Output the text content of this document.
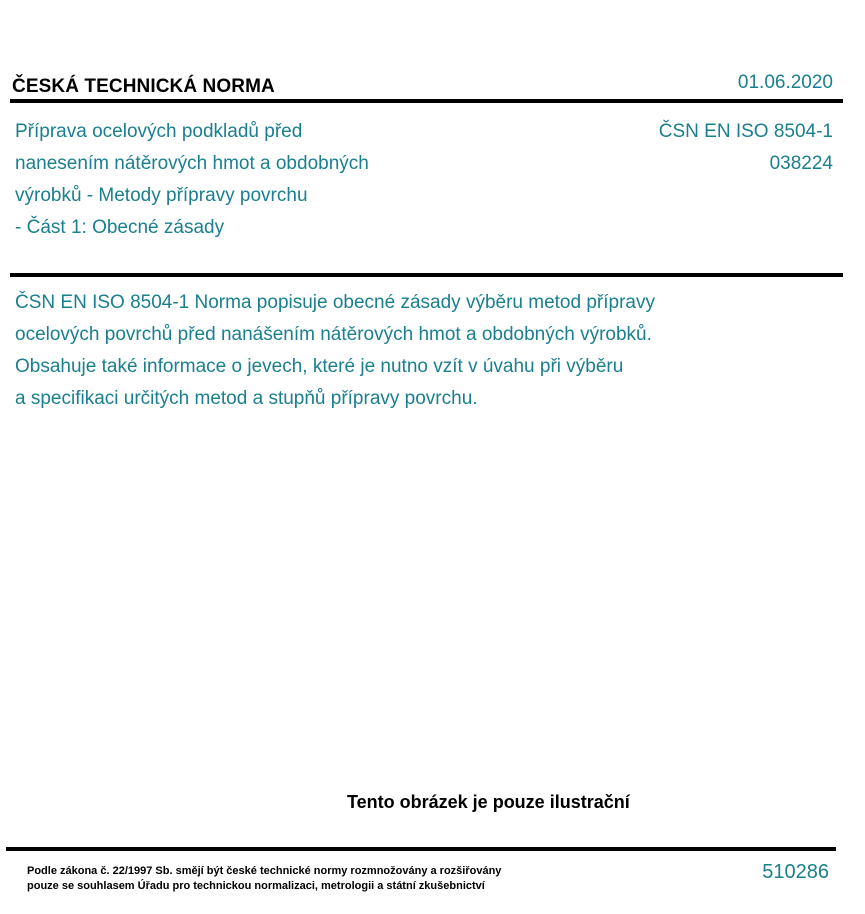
ČESKÁ TECHNICKÁ NORMA	01.06.2020
Příprava ocelových podkladů před
nanesením nátěrových hmot a obdobných
výrobků - Metody přípravy povrchu
- Část 1: Obecné zásady
ČSN EN ISO 8504-1
038224
ČSN EN ISO 8504-1 Norma popisuje obecné zásady výběru metod přípravy
ocelových povrchů před nanášením nátěrových hmot a obdobných výrobků.
Obsahuje také informace o jevech, které je nutno vzít v úvahu při výběru
a specifikaci určitých metod a stupňů přípravy povrchu.
Tento obrázek je pouze ilustrační
Podle zákona č. 22/1997 Sb. smějí být české technické normy rozmnožovány a rozšiřovány
pouze se souhlasem Úřadu pro technickou normalizaci, metrologii a státní zkušebnictví
510286
